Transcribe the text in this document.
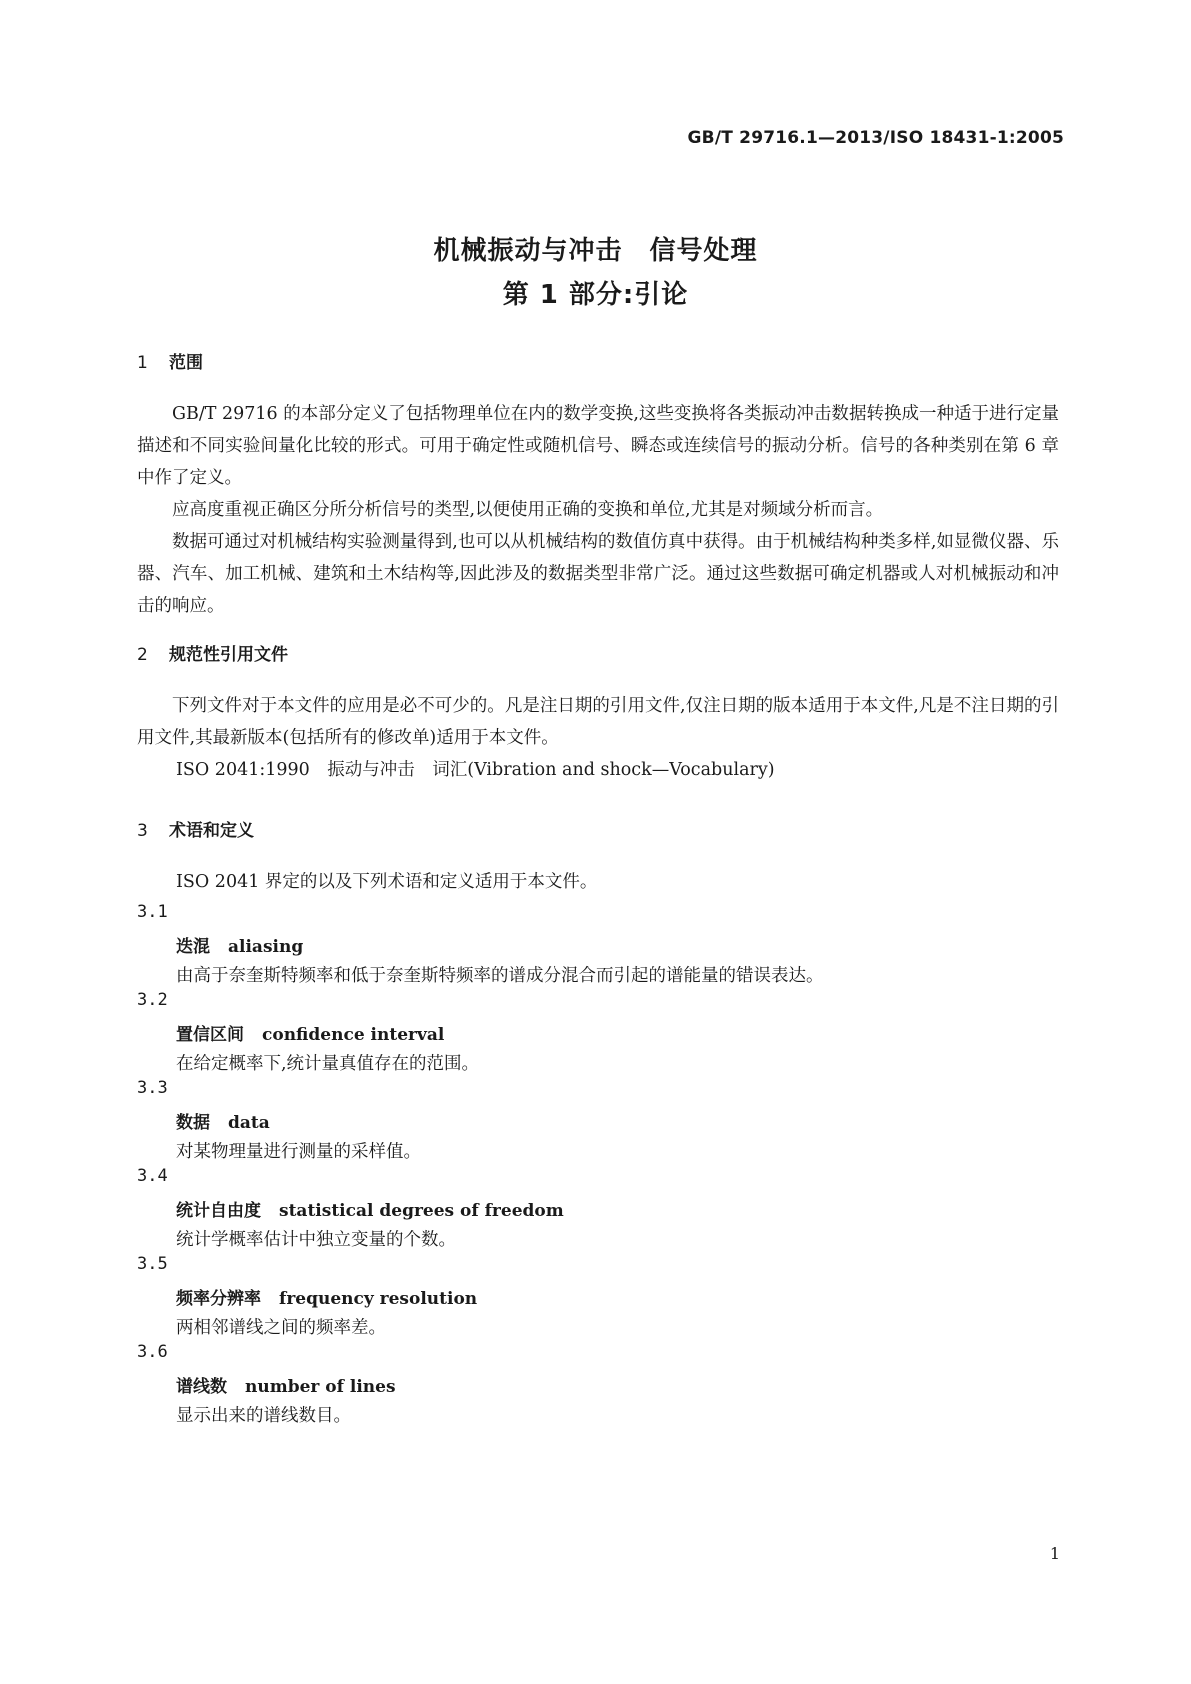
GB/T 29716.1—2013/ISO 18431-1:2005
机械振动与冲击　信号处理
第 1 部分:引论
1 范围
GB/T 29716 的本部分定义了包括物理单位在内的数学变换,这些变换将各类振动冲击数据转换成一种适于进行定量描述和不同实验间量化比较的形式。可用于确定性或随机信号、瞬态或连续信号的振动分析。信号的各种类别在第 6 章中作了定义。
应高度重视正确区分所分析信号的类型,以便使用正确的变换和单位,尤其是对频域分析而言。
数据可通过对机械结构实验测量得到,也可以从机械结构的数值仿真中获得。由于机械结构种类多样,如显微仪器、乐器、汽车、加工机械、建筑和土木结构等,因此涉及的数据类型非常广泛。通过这些数据可确定机器或人对机械振动和冲击的响应。
2 规范性引用文件
下列文件对于本文件的应用是必不可少的。凡是注日期的引用文件,仅注日期的版本适用于本文件,凡是不注日期的引用文件,其最新版本(包括所有的修改单)适用于本文件。
ISO 2041:1990　振动与冲击　词汇(Vibration and shock—Vocabulary)
3 术语和定义
ISO 2041 界定的以及下列术语和定义适用于本文件。
3.1
迭混 aliasing
由高于奈奎斯特频率和低于奈奎斯特频率的谱成分混合而引起的谱能量的错误表达。
3.2
置信区间 confidence interval
在给定概率下,统计量真值存在的范围。
3.3
数据 data
对某物理量进行测量的采样值。
3.4
统计自由度 statistical degrees of freedom
统计学概率估计中独立变量的个数。
3.5
频率分辨率 frequency resolution
两相邻谱线之间的频率差。
3.6
谱线数 number of lines
显示出来的谱线数目。
1
